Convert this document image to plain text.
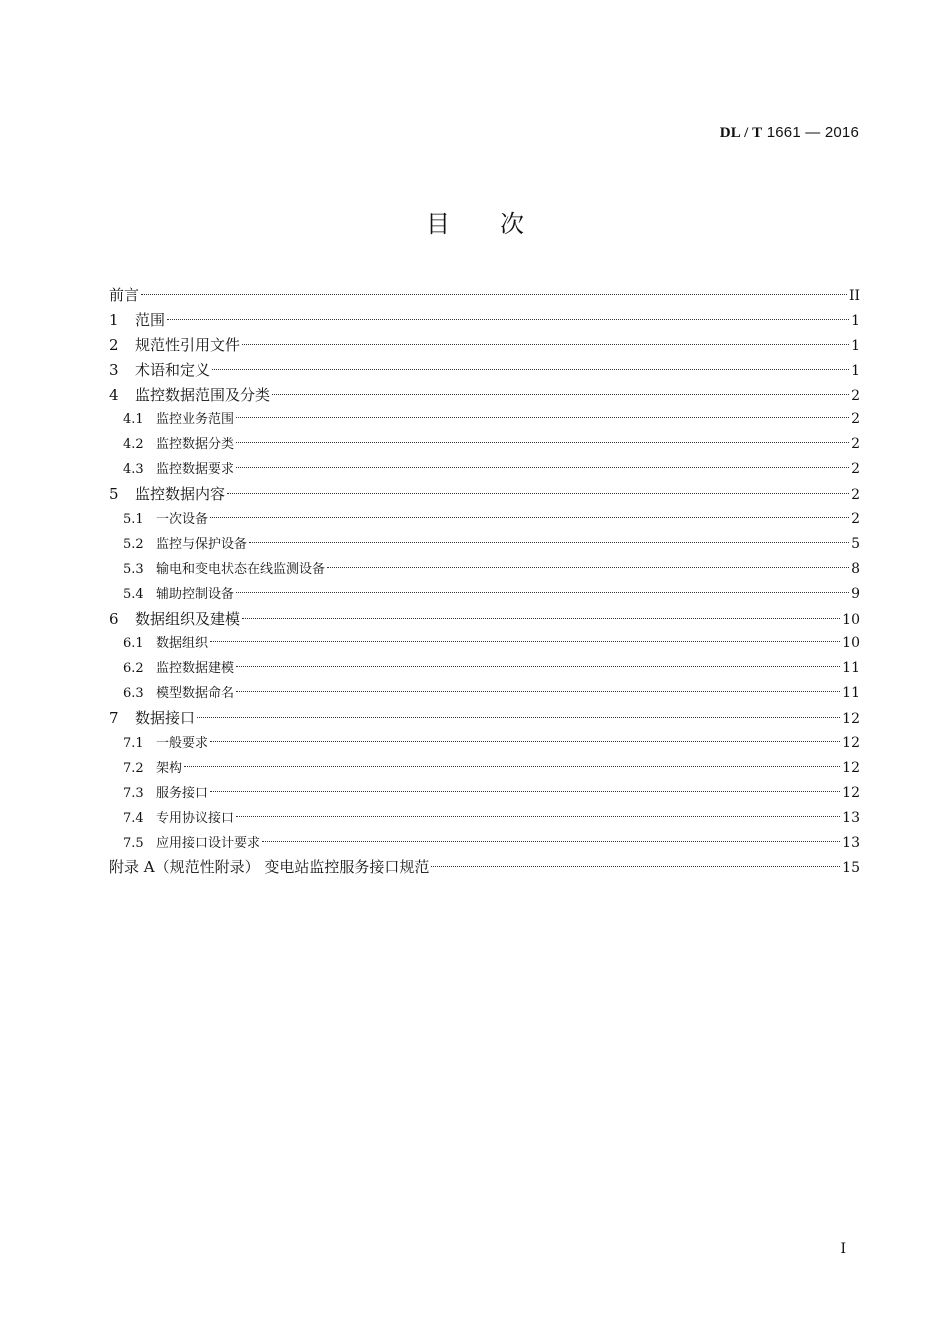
DL / T 1661 — 2016
目 次
前言	II
1	范围	1
2	规范性引用文件	1
3	术语和定义	1
4	监控数据范围及分类	2
4.1 监控业务范围	2
4.2 监控数据分类	2
4.3 监控数据要求	2
5	监控数据内容	2
5.1 一次设备	2
5.2 监控与保护设备	5
5.3 输电和变电状态在线监测设备	8
5.4 辅助控制设备	9
6	数据组织及建模	10
6.1 数据组织	10
6.2 监控数据建模	11
6.3 模型数据命名	11
7	数据接口	12
7.1 一般要求	12
7.2 架构	12
7.3 服务接口	12
7.4 专用协议接口	13
7.5 应用接口设计要求	13
附录 A（规范性附录） 变电站监控服务接口规范	15
I
